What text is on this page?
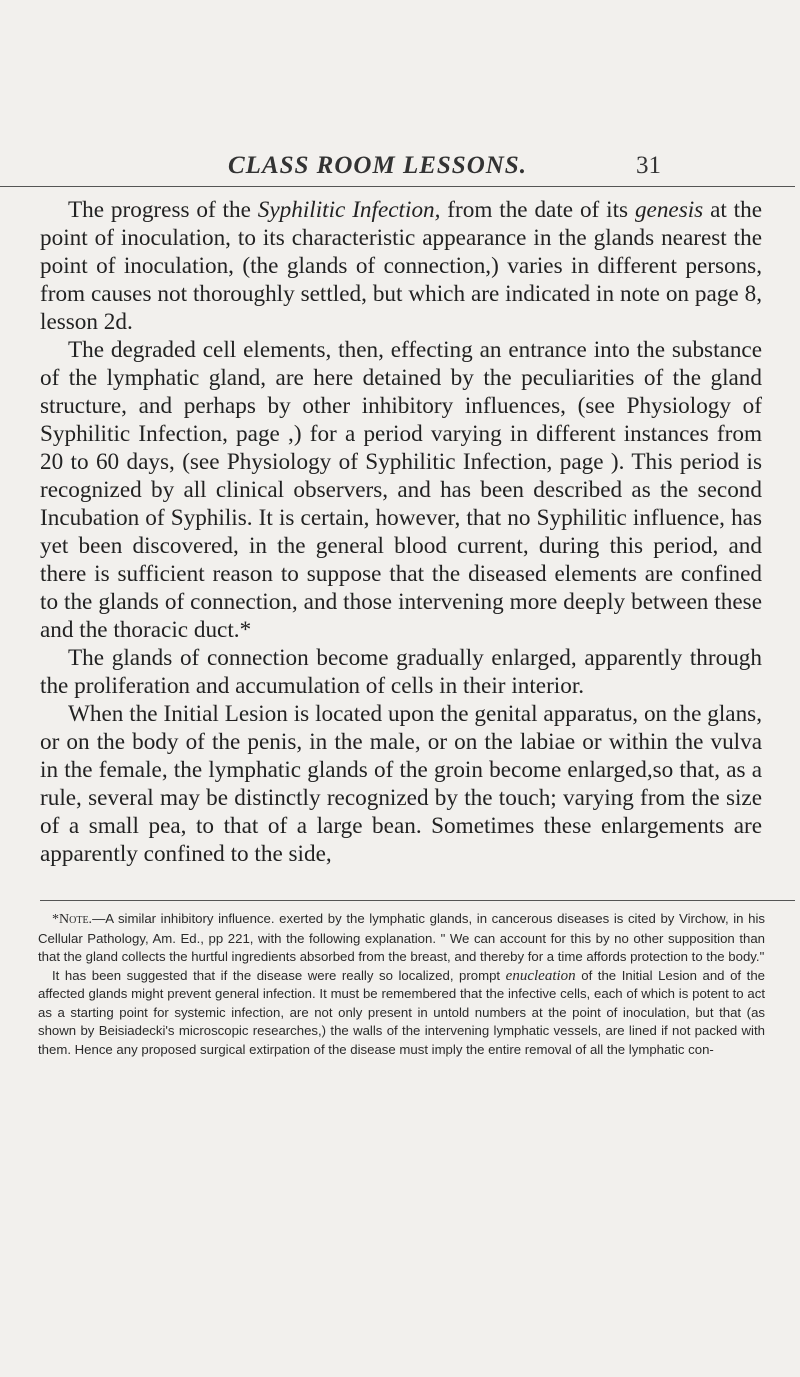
CLASS ROOM LESSONS.	31

The progress of the Syphilitic Infection, from the date of its genesis at the point of inoculation, to its characteristic appearance in the glands nearest the point of inoculation, (the glands of connection,) varies in different persons, from causes not thoroughly settled, but which are indicated in note on page 8, lesson 2d.

The degraded cell elements, then, effecting an entrance into the substance of the lymphatic gland, are here detained by the peculiarities of the gland structure, and perhaps by other inhibitory influences, (see Physiology of Syphilitic Infection, page ,) for a period varying in different instances from 20 to 60 days, (see Physiology of Syphilitic Infection, page ). This period is recognized by all clinical observers, and has been described as the second Incubation of Syphilis. It is certain, however, that no Syphilitic influence, has yet been discovered, in the general blood current, during this period, and there is sufficient reason to suppose that the diseased elements are confined to the glands of connection, and those intervening more deeply between these and the thoracic duct.*

The glands of connection become gradually enlarged, apparently through the proliferation and accumulation of cells in their interior.

When the Initial Lesion is located upon the genital apparatus, on the glans, or on the body of the penis, in the male, or on the labiae or within the vulva in the female, the lymphatic glands of the groin become enlarged,so that, as a rule, several may be distinctly recognized by the touch; varying from the size of a small pea, to that of a large bean. Sometimes these enlargements are apparently confined to the side,

*Note.—A similar inhibitory influence. exerted by the lymphatic glands, in cancerous diseases is cited by Virchow, in his Cellular Pathology, Am. Ed., pp 221, with the following explanation. " We can account for this by no other supposition than that the gland collects the hurtful ingredients absorbed from the breast, and thereby for a time affords protection to the body."

It has been suggested that if the disease were really so localized, prompt enucleation of the Initial Lesion and of the affected glands might prevent general infection. It must be remembered that the infective cells, each of which is potent to act as a starting point for systemic infection, are not only present in untold numbers at the point of inoculation, but that (as shown by Beisiadecki's microscopic researches,) the walls of the intervening lymphatic vessels, are lined if not packed with them. Hence any proposed surgical extirpation of the disease must imply the entire removal of all the lymphatic con-
